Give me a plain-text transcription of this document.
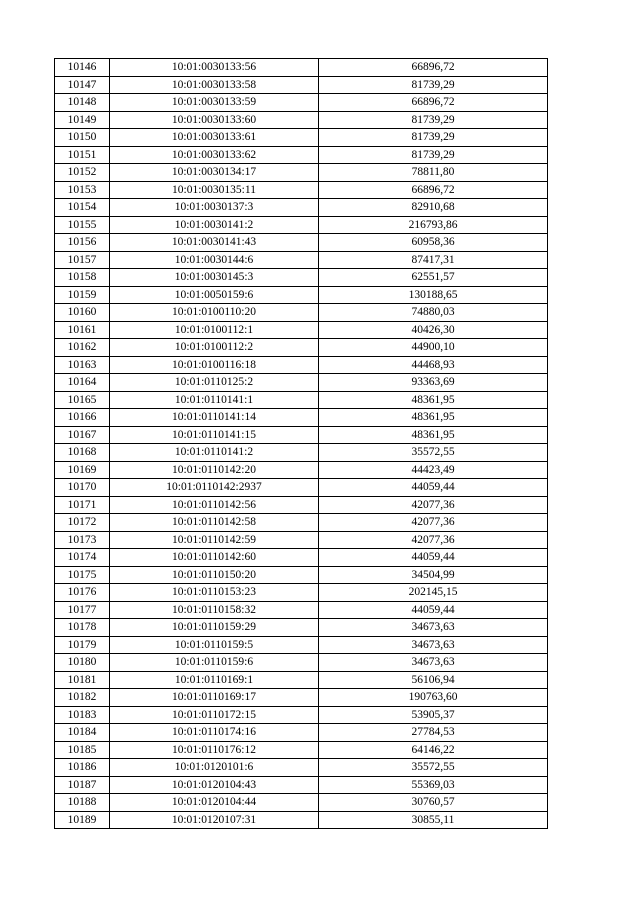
10146	10:01:0030133:56	66896,72
10147	10:01:0030133:58	81739,29
10148	10:01:0030133:59	66896,72
10149	10:01:0030133:60	81739,29
10150	10:01:0030133:61	81739,29
10151	10:01:0030133:62	81739,29
10152	10:01:0030134:17	78811,80
10153	10:01:0030135:11	66896,72
10154	10:01:0030137:3	82910,68
10155	10:01:0030141:2	216793,86
10156	10:01:0030141:43	60958,36
10157	10:01:0030144:6	87417,31
10158	10:01:0030145:3	62551,57
10159	10:01:0050159:6	130188,65
10160	10:01:0100110:20	74880,03
10161	10:01:0100112:1	40426,30
10162	10:01:0100112:2	44900,10
10163	10:01:0100116:18	44468,93
10164	10:01:0110125:2	93363,69
10165	10:01:0110141:1	48361,95
10166	10:01:0110141:14	48361,95
10167	10:01:0110141:15	48361,95
10168	10:01:0110141:2	35572,55
10169	10:01:0110142:20	44423,49
10170	10:01:0110142:2937	44059,44
10171	10:01:0110142:56	42077,36
10172	10:01:0110142:58	42077,36
10173	10:01:0110142:59	42077,36
10174	10:01:0110142:60	44059,44
10175	10:01:0110150:20	34504,99
10176	10:01:0110153:23	202145,15
10177	10:01:0110158:32	44059,44
10178	10:01:0110159:29	34673,63
10179	10:01:0110159:5	34673,63
10180	10:01:0110159:6	34673,63
10181	10:01:0110169:1	56106,94
10182	10:01:0110169:17	190763,60
10183	10:01:0110172:15	53905,37
10184	10:01:0110174:16	27784,53
10185	10:01:0110176:12	64146,22
10186	10:01:0120101:6	35572,55
10187	10:01:0120104:43	55369,03
10188	10:01:0120104:44	30760,57
10189	10:01:0120107:31	30855,11
